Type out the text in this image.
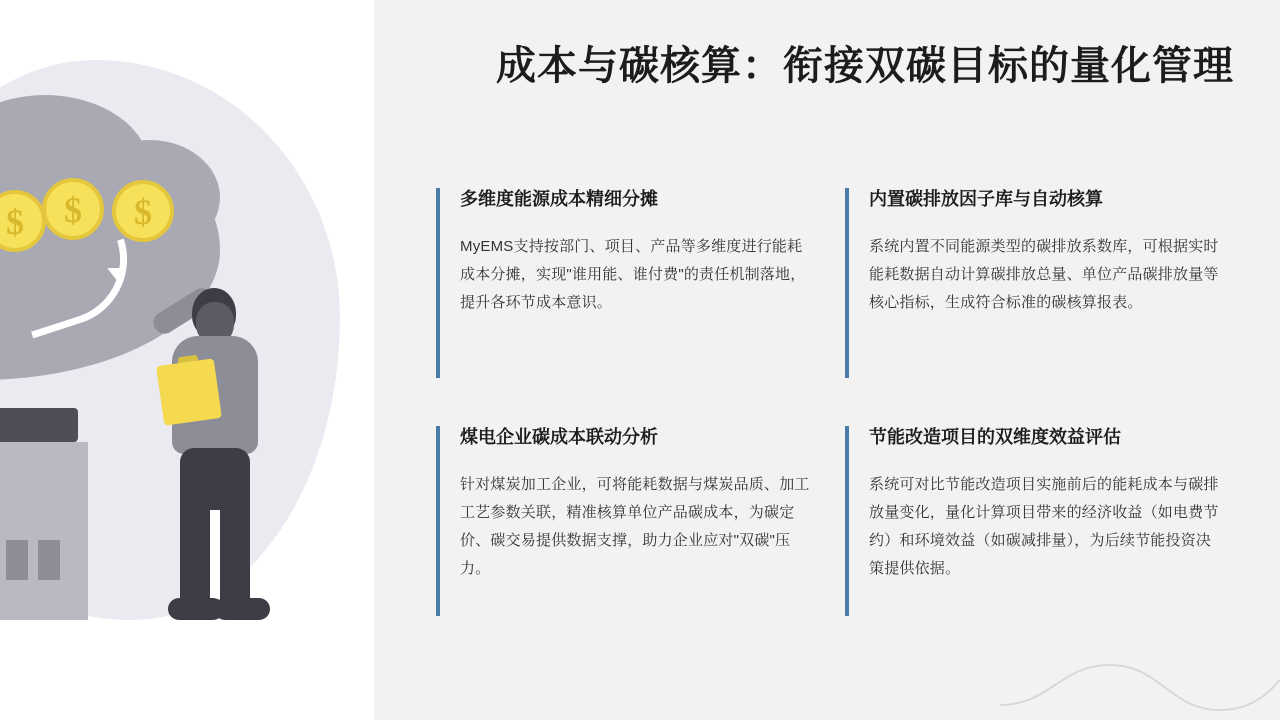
$	$	$
成本与碳核算：衔接双碳目标的量化管理
多维度能源成本精细分摊
MyEMS支持按部门、项目、产品等多维度进行能耗成本分摊，实现"谁用能、谁付费"的责任机制落地，提升各环节成本意识。
内置碳排放因子库与自动核算
系统内置不同能源类型的碳排放系数库，可根据实时能耗数据自动计算碳排放总量、单位产品碳排放量等核心指标，生成符合标准的碳核算报表。
煤电企业碳成本联动分析
针对煤炭加工企业，可将能耗数据与煤炭品质、加工工艺参数关联，精准核算单位产品碳成本，为碳定价、碳交易提供数据支撑，助力企业应对"双碳"压力。
节能改造项目的双维度效益评估
系统可对比节能改造项目实施前后的能耗成本与碳排放量变化，量化计算项目带来的经济收益（如电费节约）和环境效益（如碳减排量），为后续节能投资决策提供依据。
